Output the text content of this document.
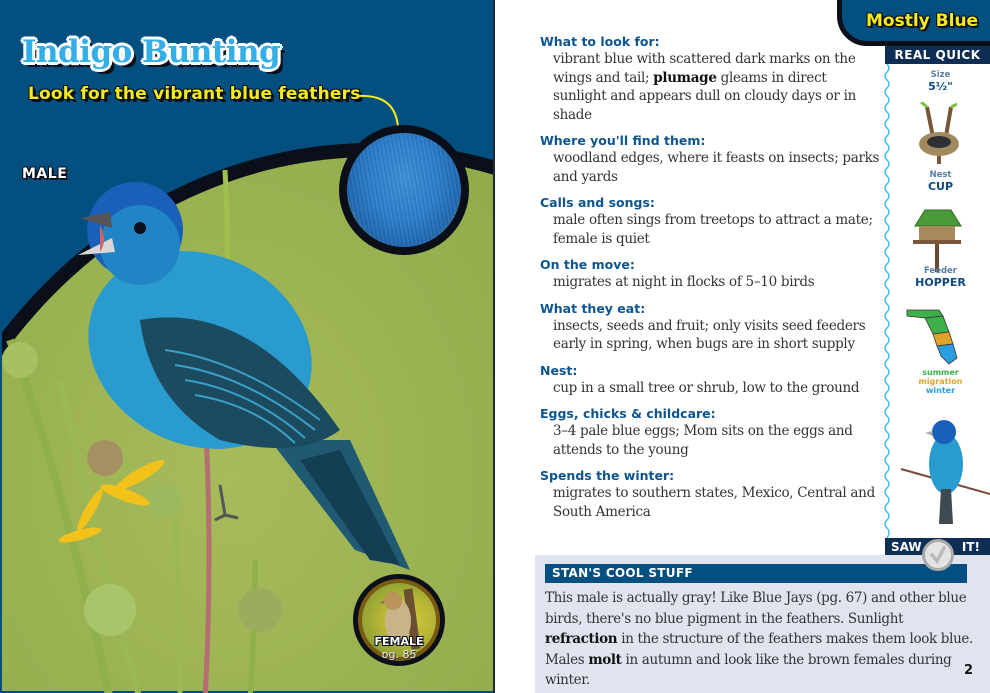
Indigo Bunting
Look for the vibrant blue feathers
MALE
FEMALE
pg. 85
Mostly Blue
What to look for:
vibrant blue with scattered dark marks on the wings and tail; plumage gleams in direct sunlight and appears dull on cloudy days or in shade
Where you'll find them:
woodland edges, where it feasts on insects; parks and yards
Calls and songs:
male often sings from treetops to attract a mate; female is quiet
On the move:
migrates at night in flocks of 5–10 birds
What they eat:
insects, seeds and fruit; only visits seed feeders early in spring, when bugs are in short supply
Nest:
cup in a small tree or shrub, low to the ground
Eggs, chicks & childcare:
3–4 pale blue eggs; Mom sits on the eggs and attends to the young
Spends the winter:
migrates to southern states, Mexico, Central and South America
REAL QUICK
Size
5½"
Nest
CUP
Feeder
HOPPER
summer
migration
winter
SAW	IT!
STAN'S COOL STUFF
This male is actually gray! Like Blue Jays (pg. 67) and other blue birds, there's no blue pigment in the feathers. Sunlight refraction in the structure of the feathers makes them look blue. Males molt in autumn and look like the brown females during winter.
2
